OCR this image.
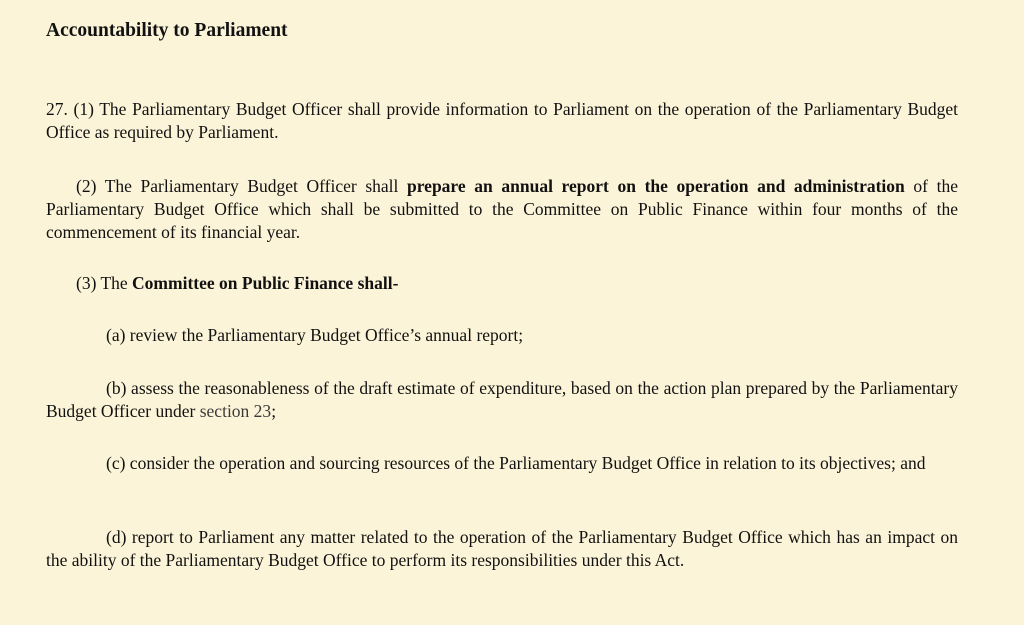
Accountability to Parliament

27. (1) The Parliamentary Budget Officer shall provide information to Parliament on the operation of the Parliamentary Budget Office as required by Parliament.

(2) The Parliamentary Budget Officer shall prepare an annual report on the operation and administration of the Parliamentary Budget Office which shall be submitted to the Committee on Public Finance within four months of the commencement of its financial year.

(3) The Committee on Public Finance shall-

(a) review the Parliamentary Budget Office’s annual report;

(b) assess the reasonableness of the draft estimate of expenditure, based on the action plan prepared by the Parliamentary Budget Officer under section 23;

(c) consider the operation and sourcing resources of the Parliamentary Budget Office in relation to its objectives; and

(d) report to Parliament any matter related to the operation of the Parliamentary Budget Office which has an impact on the ability of the Parliamentary Budget Office to perform its responsibilities under this Act.
